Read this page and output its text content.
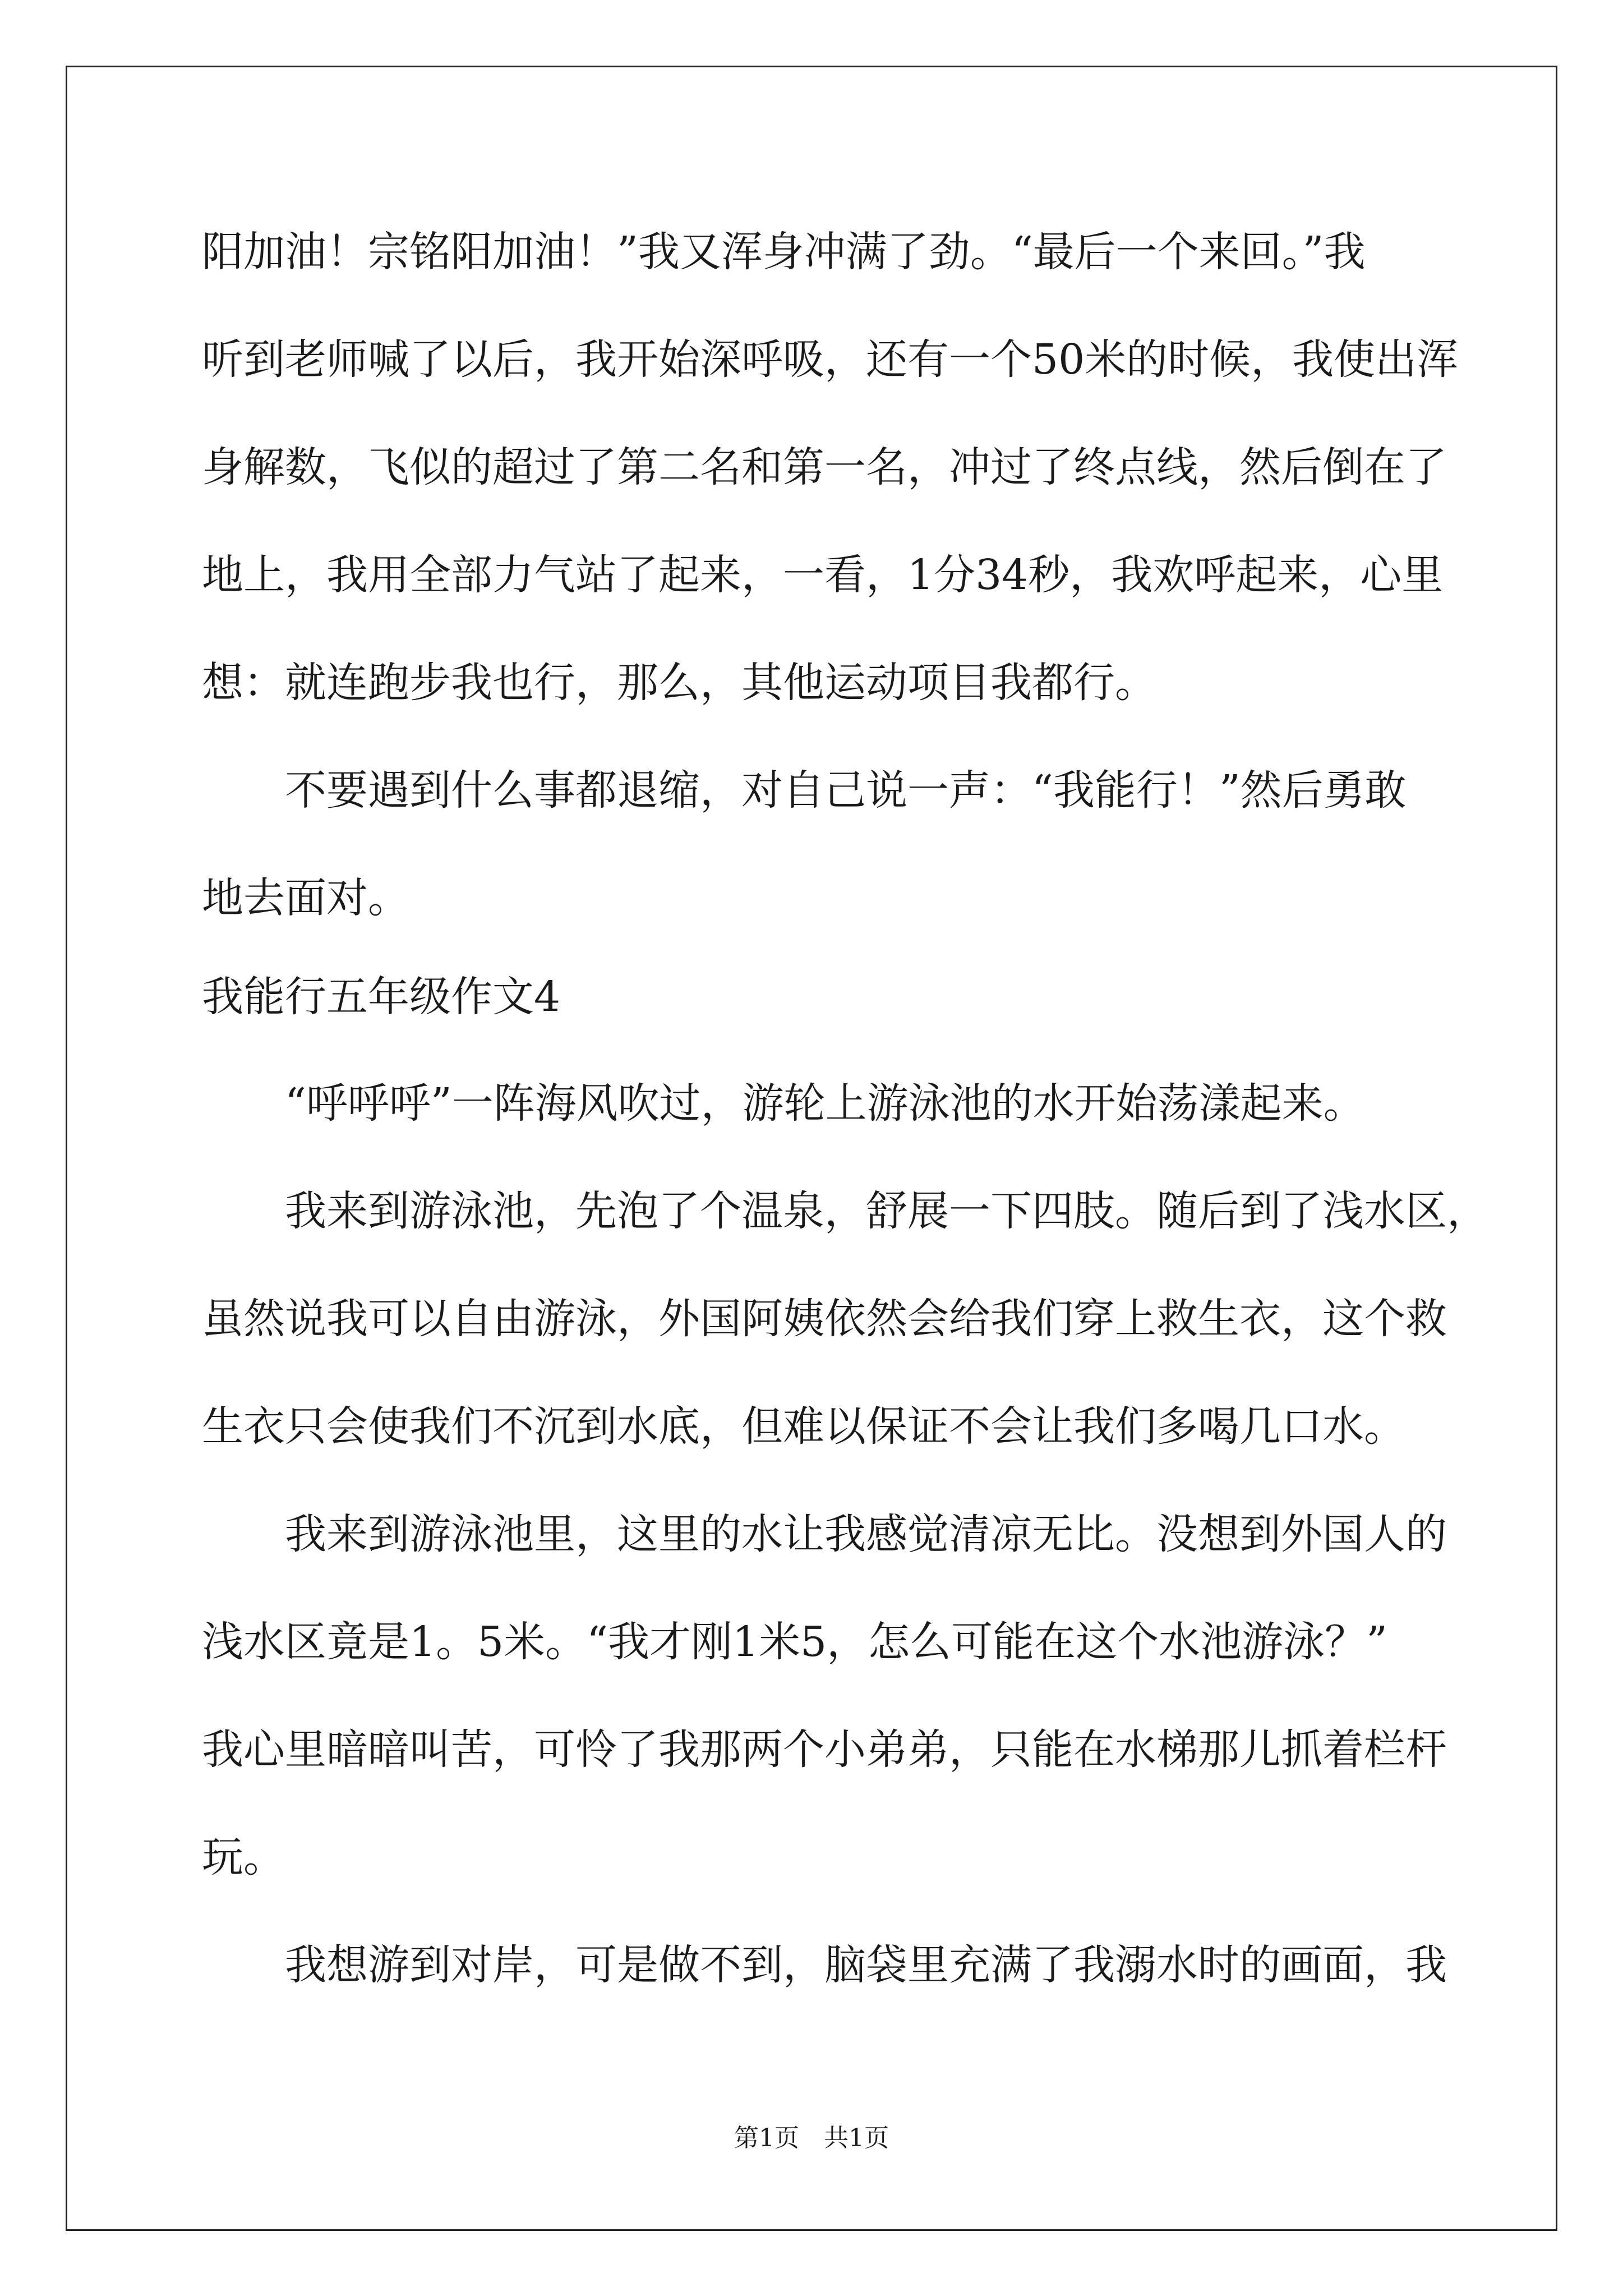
阳加油！宗铭阳加油！”我又浑身冲满了劲。“最后一个来回。”我
听到老师喊了以后，我开始深呼吸，还有一个50米的时候，我使出浑
身解数，飞似的超过了第二名和第一名，冲过了终点线，然后倒在了
地上，我用全部力气站了起来，一看，1分34秒，我欢呼起来，心里
想：就连跑步我也行，那么，其他运动项目我都行。
不要遇到什么事都退缩，对自己说一声：“我能行！”然后勇敢
地去面对。
我能行五年级作文4
“呼呼呼”一阵海风吹过，游轮上游泳池的水开始荡漾起来。
我来到游泳池，先泡了个温泉，舒展一下四肢。随后到了浅水区，
虽然说我可以自由游泳，外国阿姨依然会给我们穿上救生衣，这个救
生衣只会使我们不沉到水底，但难以保证不会让我们多喝几口水。
我来到游泳池里，这里的水让我感觉清凉无比。没想到外国人的
浅水区竟是1。5米。“我才刚1米5，怎么可能在这个水池游泳？”
我心里暗暗叫苦，可怜了我那两个小弟弟，只能在水梯那儿抓着栏杆
玩。
我想游到对岸，可是做不到，脑袋里充满了我溺水时的画面，我
第1页　共1页
